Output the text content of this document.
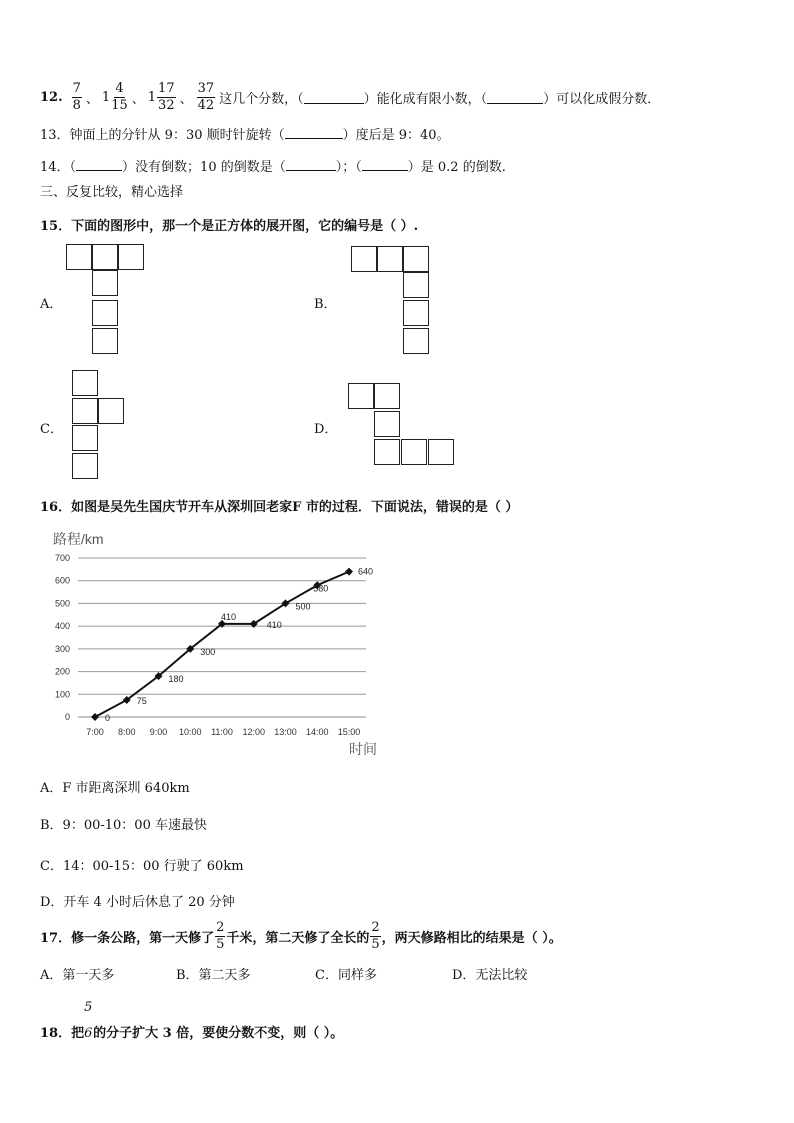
12. $\frac{7}{8}$ 、 $1 \frac{4}{15}$ 、 $1 \frac{17}{32}$ 、 $\frac{37}{42}$ 这几个分数，（	）能化成有限小数，（	）可以化成假分数．
13．钟面上的分针从 9：30 顺时针旋转（	）度后是 9：40。
14．（	）没有倒数；10 的倒数是（	）；（	）是 0.2 的倒数.
三、反复比较，精心选择
15．下面的图形中，那一个是正方体的展开图，它的编号是（ ）.
A．	B．
C．	D．
16．如图是吴先生国庆节开车从深圳回老家F 市的过程．下面说法，错误的是（ ）
路程/km
时间
0
100
200
300
400
500
600
700
7:00 8:00 9:00 10:00 11:00 12:00 13:00 14:00 15:00
0
75
180
300
410
410
500
580
640
A．F 市距离深圳 640km
B．9：00-10：00 车速最快
C．14：00-15：00 行驶了 60km
D．开车 4 小时后休息了 20 分钟
17．修一条公路，第一天修了 $\frac{2}{5}$ 千米，第二天修了全长的 $\frac{2}{5}$ ，两天修路相比的结果是（ ）。
A．第一天多	B．第二天多	C．同样多	D．无法比较
18．把
5
6的分子扩大 3 倍，要使分数不变，则（ ）。
